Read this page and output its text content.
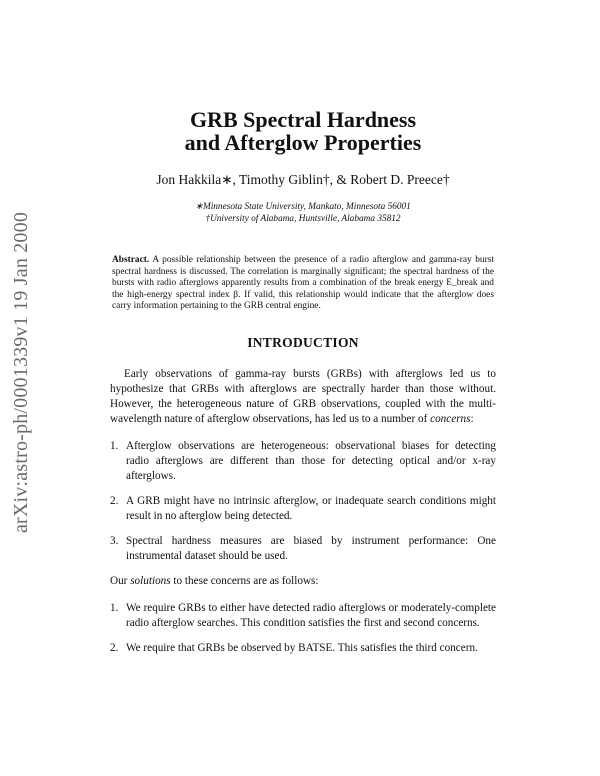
arXiv:astro-ph/0001339v1 19 Jan 2000
GRB Spectral Hardness
and Afterglow Properties
Jon Hakkila∗, Timothy Giblin†, & Robert D. Preece†
∗Minnesota State University, Mankato, Minnesota 56001
†University of Alabama, Huntsville, Alabama 35812

Abstract. A possible relationship between the presence of a radio afterglow and gamma-ray burst spectral hardness is discussed. The correlation is marginally significant; the spectral hardness of the bursts with radio afterglows apparently results from a combination of the break energy E_break and the high-energy spectral index β. If valid, this relationship would indicate that the afterglow does carry information pertaining to the GRB central engine.

INTRODUCTION

Early observations of gamma-ray bursts (GRBs) with afterglows led us to hypothesize that GRBs with afterglows are spectrally harder than those without. However, the heterogeneous nature of GRB observations, coupled with the multi-wavelength nature of afterglow observations, has led us to a number of concerns:

1. Afterglow observations are heterogeneous: observational biases for detecting radio afterglows are different than those for detecting optical and/or x-ray afterglows.
2. A GRB might have no intrinsic afterglow, or inadequate search conditions might result in no afterglow being detected.
3. Spectral hardness measures are biased by instrument performance: One instrumental dataset should be used.

Our solutions to these concerns are as follows:

1. We require GRBs to either have detected radio afterglows or moderately-complete radio afterglow searches. This condition satisfies the first and second concerns.
2. We require that GRBs be observed by BATSE. This satisfies the third concern.
